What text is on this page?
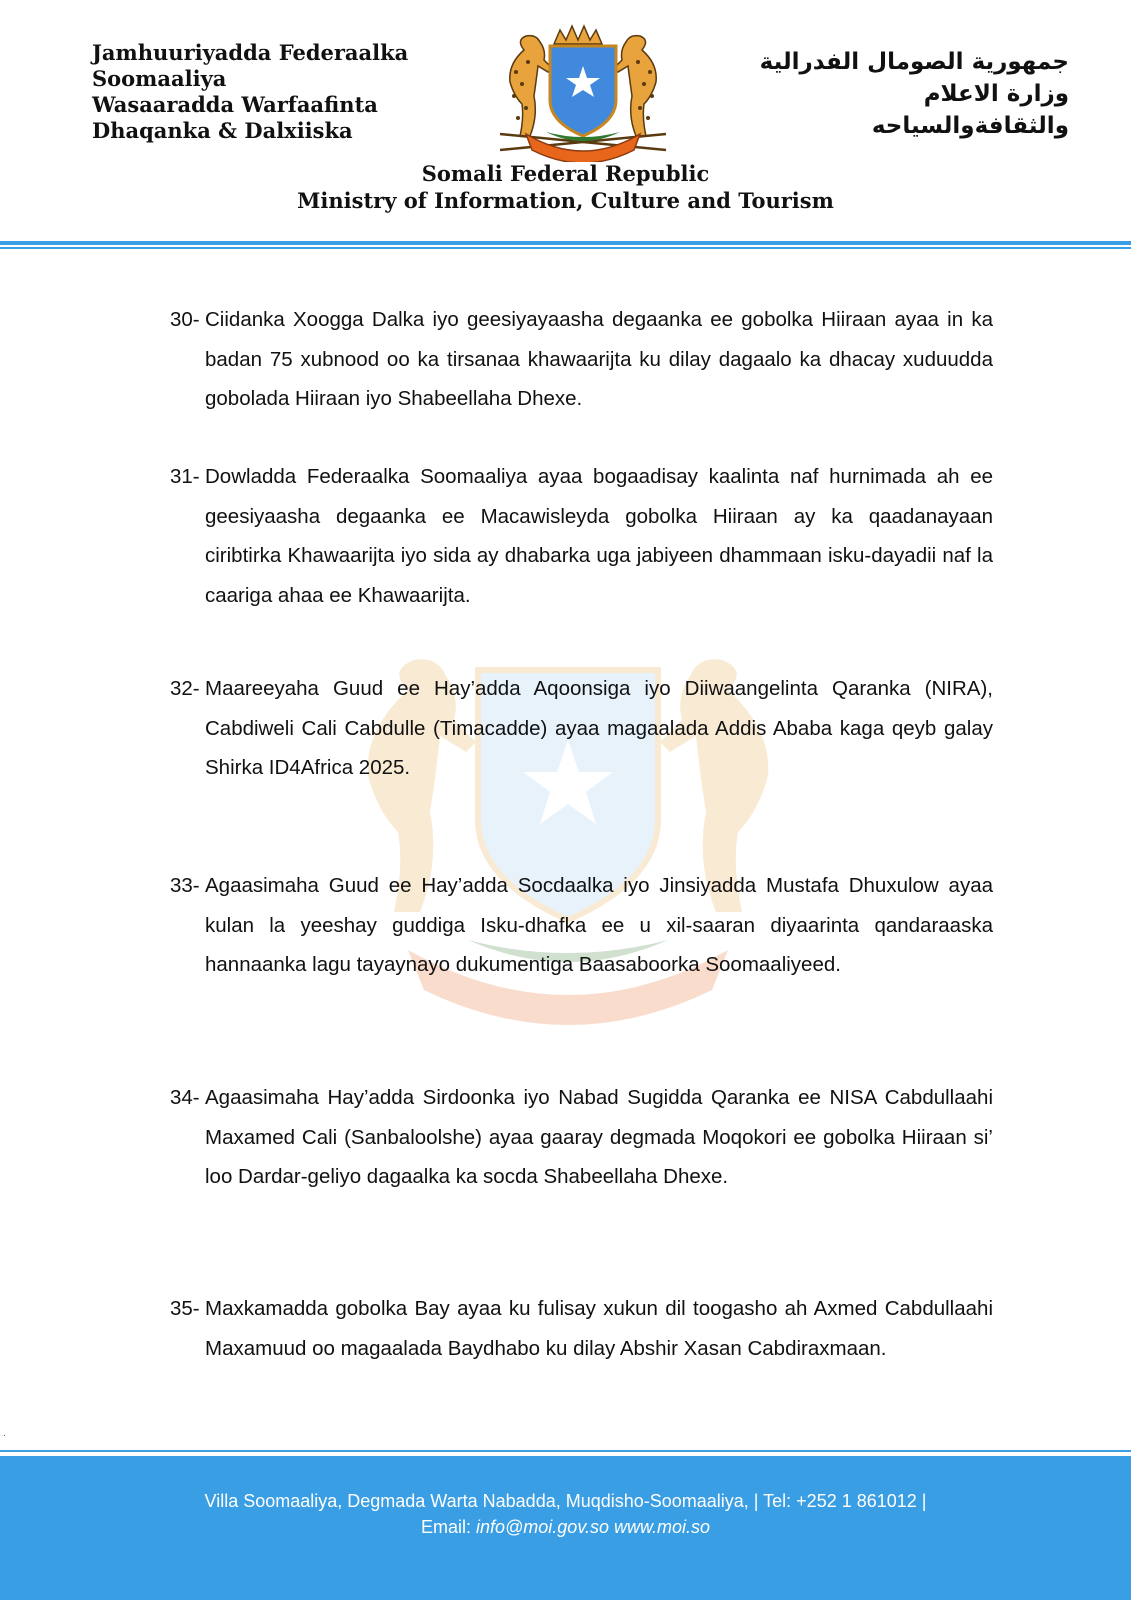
Jamhuuriyadda Federaalka
Soomaaliya
Wasaaradda Warfaafinta
Dhaqanka & Dalxiiska
جمهورية الصومال الفدرالية
وزارة الاعلام
والثقافةوالسياحه
Somali Federal Republic
Ministry of Information, Culture and Tourism
30- Ciidanka Xoogga Dalka iyo geesiyayaasha degaanka ee gobolka Hiiraan ayaa in ka badan 75 xubnood oo ka tirsanaa khawaarijta ku dilay dagaalo ka dhacay xuduudda gobolada Hiiraan iyo Shabeellaha Dhexe.
31- Dowladda Federaalka Soomaaliya ayaa bogaadisay kaalinta naf hurnimada ah ee geesiyaasha degaanka ee Macawisleyda gobolka Hiiraan ay ka qaadanayaan ciribtirka Khawaarijta iyo sida ay dhabarka uga jabiyeen dhammaan isku-dayadii naf la caariga ahaa ee Khawaarijta.
32- Maareeyaha Guud ee Hay’adda Aqoonsiga iyo Diiwaangelinta Qaranka (NIRA), Cabdiweli Cali Cabdulle (Timacadde) ayaa magaalada Addis Ababa kaga qeyb galay Shirka ID4Africa 2025.
33- Agaasimaha Guud ee Hay’adda Socdaalka iyo Jinsiyadda Mustafa Dhuxulow ayaa kulan la yeeshay guddiga Isku-dhafka ee u xil-saaran diyaarinta qandaraaska hannaanka lagu tayaynayo dukumentiga Baasaboorka Soomaaliyeed.
34- Agaasimaha Hay’adda Sirdoonka iyo Nabad Sugidda Qaranka ee NISA Cabdullaahi Maxamed Cali (Sanbaloolshe) ayaa gaaray degmada Moqokori ee gobolka Hiiraan si’ loo Dardar-geliyo dagaalka ka socda Shabeellaha Dhexe.
35- Maxkamadda gobolka Bay ayaa ku fulisay xukun dil toogasho ah Axmed Cabdullaahi Maxamuud oo magaalada Baydhabo ku dilay Abshir Xasan Cabdiraxmaan.
.
Villa Soomaaliya, Degmada Warta Nabadda, Muqdisho-Soomaaliya, | Tel: +252 1 861012 |
Email: info@moi.gov.so www.moi.so
